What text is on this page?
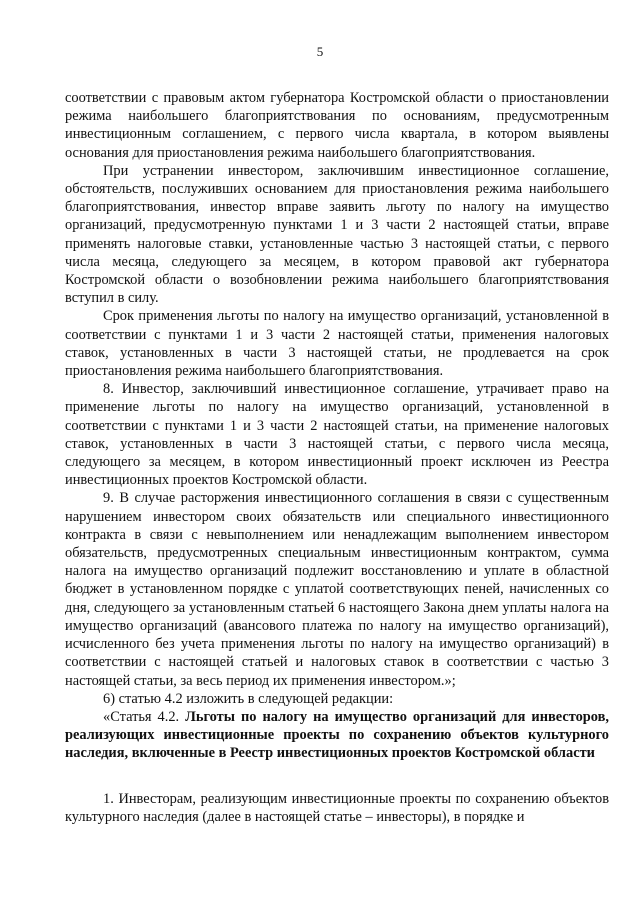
5

соответствии с правовым актом губернатора Костромской области о приостановлении режима наибольшего благоприятствования по основаниям, предусмотренным инвестиционным соглашением, с первого числа квартала, в котором выявлены основания для приостановления режима наибольшего благоприятствования.

При устранении инвестором, заключившим инвестиционное соглашение, обстоятельств, послуживших основанием для приостановления режима наибольшего благоприятствования, инвестор вправе заявить льготу по налогу на имущество организаций, предусмотренную пунктами 1 и 3 части 2 настоящей статьи, вправе применять налоговые ставки, установленные частью 3 настоящей статьи, с первого числа месяца, следующего за месяцем, в котором правовой акт губернатора Костромской области о возобновлении режима наибольшего благоприятствования вступил в силу.

Срок применения льготы по налогу на имущество организаций, установленной в соответствии с пунктами 1 и 3 части 2 настоящей статьи, применения налоговых ставок, установленных в части 3 настоящей статьи, не продлевается на срок приостановления режима наибольшего благоприятствования.

8. Инвестор, заключивший инвестиционное соглашение, утрачивает право на применение льготы по налогу на имущество организаций, установленной в соответствии с пунктами 1 и 3 части 2 настоящей статьи, на применение налоговых ставок, установленных в части 3 настоящей статьи, с первого числа месяца, следующего за месяцем, в котором инвестиционный проект исключен из Реестра инвестиционных проектов Костромской области.

9. В случае расторжения инвестиционного соглашения в связи с существенным нарушением инвестором своих обязательств или специального инвестиционного контракта в связи с невыполнением или ненадлежащим выполнением инвестором обязательств, предусмотренных специальным инвестиционным контрактом, сумма налога на имущество организаций подлежит восстановлению и уплате в областной бюджет в установленном порядке с уплатой соответствующих пеней, начисленных со дня, следующего за установленным статьей 6 настоящего Закона днем уплаты налога на имущество организаций (авансового платежа по налогу на имущество организаций), исчисленного без учета применения льготы по налогу на имущество организаций) в соответствии с настоящей статьей и налоговых ставок в соответствии с частью 3 настоящей статьи, за весь период их применения инвестором.»;

6) статью 4.2 изложить в следующей редакции:

«Статья 4.2. Льготы по налогу на имущество организаций для инвесторов, реализующих инвестиционные проекты по сохранению объектов культурного наследия, включенные в Реестр инвестиционных проектов Костромской области

1. Инвесторам, реализующим инвестиционные проекты по сохранению объектов культурного наследия (далее в настоящей статье – инвесторы), в порядке и
